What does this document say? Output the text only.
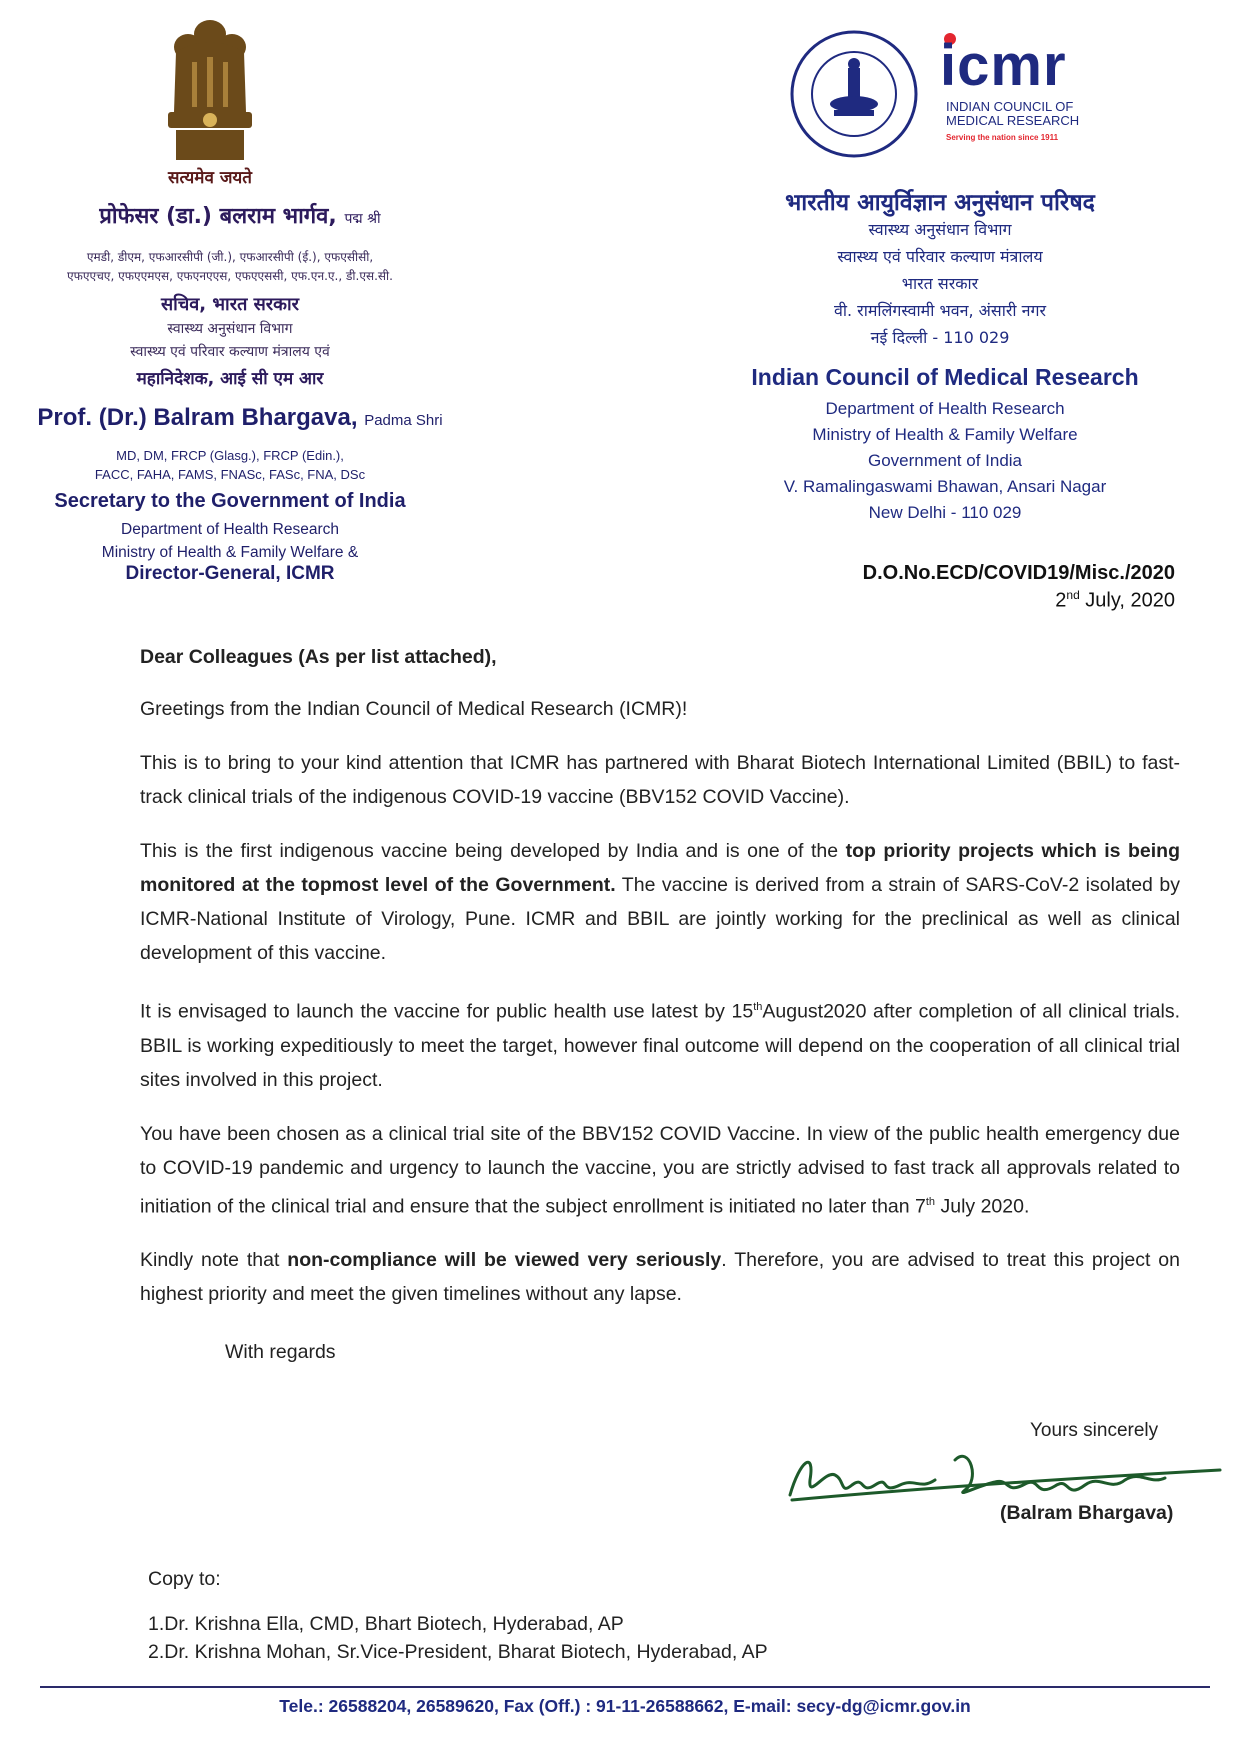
सत्यमेव जयते
प्रोफेसर (डा.) बलराम भार्गव, पद्म श्री
एमडी, डीएम, एफआरसीपी (जी.), एफआरसीपी (ई.), एफएसीसी,
एफएएचए, एफएएमएस, एफएनएएस, एफएएससी, एफ.एन.ए., डी.एस.सी.
सचिव, भारत सरकार
स्वास्थ्य अनुसंधान विभाग
स्वास्थ्य एवं परिवार कल्याण मंत्रालय एवं
महानिदेशक, आई सी एम आर
Prof. (Dr.) Balram Bhargava, Padma Shri
MD, DM, FRCP (Glasg.), FRCP (Edin.),
FACC, FAHA, FAMS, FNASc, FASc, FNA, DSc
Secretary to the Government of India
Department of Health Research
Ministry of Health & Family Welfare &
Director-General, ICMR
icmr
INDIAN COUNCIL OF
MEDICAL RESEARCH
Serving the nation since 1911
भारतीय आयुर्विज्ञान अनुसंधान परिषद
स्वास्थ्य अनुसंधान विभाग
स्वास्थ्य एवं परिवार कल्याण मंत्रालय
भारत सरकार
वी. रामलिंगस्वामी भवन, अंसारी नगर
नई दिल्ली - 110 029
Indian Council of Medical Research
Department of Health Research
Ministry of Health & Family Welfare
Government of India
V. Ramalingaswami Bhawan, Ansari Nagar
New Delhi - 110 029
D.O.No.ECD/COVID19/Misc./2020
2nd July, 2020

Dear Colleagues (As per list attached),

Greetings from the Indian Council of Medical Research (ICMR)!

This is to bring to your kind attention that ICMR has partnered with Bharat Biotech International Limited (BBIL) to fast-track clinical trials of the indigenous COVID-19 vaccine (BBV152 COVID Vaccine).

This is the first indigenous vaccine being developed by India and is one of the top priority projects which is being monitored at the topmost level of the Government. The vaccine is derived from a strain of SARS-CoV-2 isolated by ICMR-National Institute of Virology, Pune. ICMR and BBIL are jointly working for the preclinical as well as clinical development of this vaccine.

It is envisaged to launch the vaccine for public health use latest by 15thAugust2020 after completion of all clinical trials. BBIL is working expeditiously to meet the target, however final outcome will depend on the cooperation of all clinical trial sites involved in this project.

You have been chosen as a clinical trial site of the BBV152 COVID Vaccine. In view of the public health emergency due to COVID-19 pandemic and urgency to launch the vaccine, you are strictly advised to fast track all approvals related to initiation of the clinical trial and ensure that the subject enrollment is initiated no later than 7th July 2020.

Kindly note that non-compliance will be viewed very seriously. Therefore, you are advised to treat this project on highest priority and meet the given timelines without any lapse.

With regards

Yours sincerely
(Balram Bhargava)
Copy to:
1.Dr. Krishna Ella, CMD, Bhart Biotech, Hyderabad, AP
2.Dr. Krishna Mohan, Sr.Vice-President, Bharat Biotech, Hyderabad, AP
Tele.: 26588204, 26589620, Fax (Off.) : 91-11-26588662, E-mail: secy-dg@icmr.gov.in
